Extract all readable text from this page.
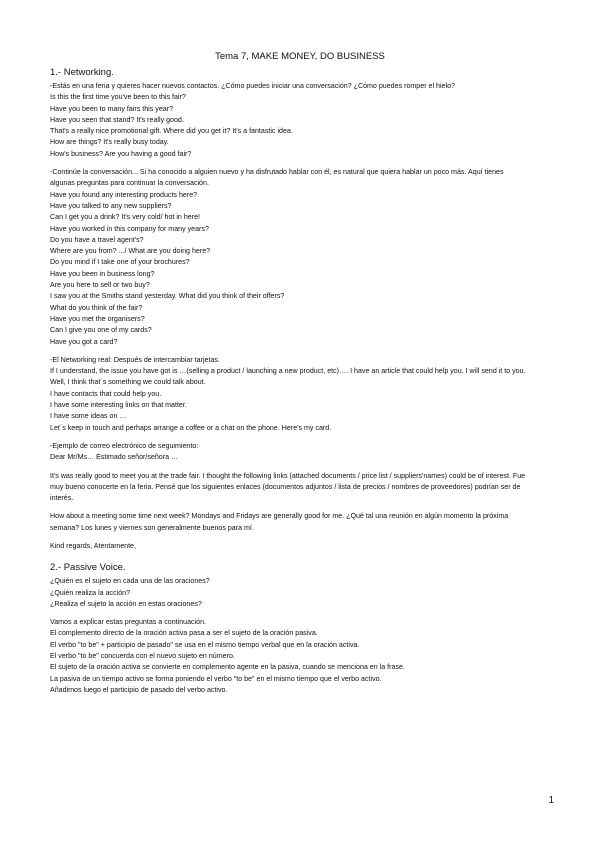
Tema 7, MAKE MONEY, DO BUSINESS
1.- Networking.

-Estás en una feria y quieres hacer nuevos contactos. ¿Cómo puedes iniciar una conversación? ¿Cómo puedes romper el hielo?

Is this the first time you've been to this fair?

Have you been to many fairs this year?

Have you seen that stand? It's really good.

That's a really nice promotional gift. Where did you get it? It's a fantastic idea.

How are things? It's really busy today.

How's business? Are you having a good fair?

-Continúe la conversación... Si ha conocido a alguien nuevo y ha disfrutado hablar con él, es natural que quiera hablar un poco más. Aquí tienes algunas preguntas para continuar la conversación.

Have you found any interesting products here?

Have you talked to any new suppliers?

Can I get you a drink? It's very cold/ hot in here!

Have you worked in this company for many years?

Do you have a travel agent's?

Where are you from? .../ What are you doing here?

Do you mind if I take one of your brochures?

Have you been in business long?

Are you here to sell or two buy?

I saw you at the Smiths stand yesterday. What did you think of their offers?

What do you think of the fair?

Have you met the organisers?

Can I give you one of my cards?

Have you got a card?

-El Networking real: Después de intercambiar tarjetas.

If I understand, the issue you have got is …(selling a product / launching a new product, etc)…. I have an article that could help you. I will send it to you.

Well, I think that´s something we could talk about.

I have contacts that could help you.

I have some interesting links on that matter.

I have some ideas on …

Let´s keep in touch and perhaps arrange a coffee or a chat on the phone. Here's my card.

-Ejemplo de correo electrónico de seguimiento:

Dear Mr/Ms… Estimado señor/señora …

It's was really good to meet you at the trade fair. I thought the following links (attached documents / price list / suppliers'names) could be of interest. Fue muy bueno conocerte en la feria. Pensé que los siguientes enlaces (documentos adjuntos / lista de precios / nombres de proveedores) podrían ser de interés.

How about a meeting some time next week? Mondays and Fridays are generally good for me. ¿Qué tal una reunión en algún momento la próxima semana? Los lunes y viernes son generalmente buenos para mí.

Kind regards, Atentamente,

2.- Passive Voice.

¿Quién es el sujeto en cada una de las oraciones?

¿Quién realiza la acción?

¿Realiza el sujeto la acción en estas oraciones?

Vamos a explicar estas preguntas a continuación.

El complemento directo de la oración activa pasa a ser el sujeto de la oración pasiva.

El verbo "to be" + participio de pasado" se usa en el mismo tiempo verbal que en la oración activa.

El verbo "to be" concuerda con el nuevo sujeto en número.

El sujeto de la oración activa se convierte en complemento agente en la pasiva, cuando se menciona en la frase.

La pasiva de un tiempo activo se forma poniendo el verbo "to be" en el mismo tiempo que el verbo activo.

Añadimos luego el participio de pasado del verbo activo.

1
